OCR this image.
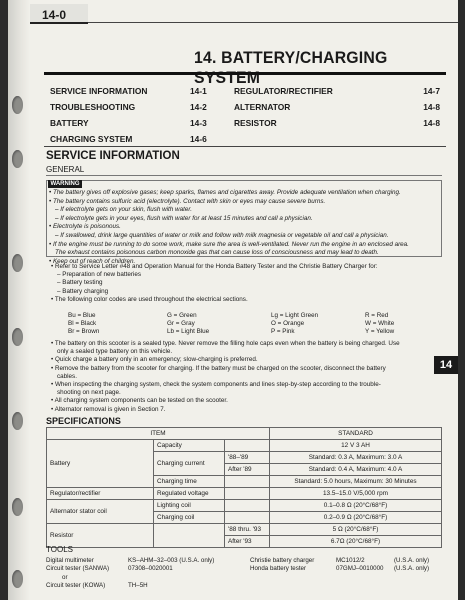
14-0
14. BATTERY/CHARGING SYSTEM
SERVICE INFORMATION	14-1	REGULATOR/RECTIFIER	14-7
TROUBLESHOOTING	14-2	ALTERNATOR	14-8
BATTERY	14-3	RESISTOR	14-8
CHARGING SYSTEM	14-6		
SERVICE INFORMATION
GENERAL
WARNING
• The battery gives off explosive gases; keep sparks, flames and cigarettes away. Provide adequate ventilation when charging.
• The battery contains sulfuric acid (electrolyte). Contact with skin or eyes may cause severe burns.
– If electrolyte gets on your skin, flush with water.
– If electrolyte gets in your eyes, flush with water for at least 15 minutes and call a physician.
• Electrolyte is poisonous.
– If swallowed, drink large quantities of water or milk and follow with milk magnesia or vegetable oil and call a physician.
• If the engine must be running to do some work, make sure the area is well-ventilated. Never run the engine in an enclosed area.
The exhaust contains poisonous carbon monoxide gas that can cause loss of consciousness and may lead to death.
• Keep out of reach of children.
• Refer to Service Letter #48 and Operation Manual for the Honda Battery Tester and the Christie Battery Charger for:
– Preparation of new batteries
– Battery testing
– Battery charging
• The following color codes are used throughout the electrical sections.
Bu = Blue	G = Green	Lg = Light Green	R = Red
Bl = Black	Gr = Gray	O = Orange	W = White
Br = Brown	Lb = Light Blue	P = Pink	Y = Yellow
• The battery on this scooter is a sealed type. Never remove the filling hole caps even when the battery is being charged. Use
only a sealed type battery on this vehicle.
• Quick charge a battery only in an emergency; slow-charging is preferred.
• Remove the battery from the scooter for charging. If the battery must be charged on the scooter, disconnect the battery
cables.
• When inspecting the charging system, check the system components and lines step-by-step according to the trouble-
shooting on next page.
• All charging system components can be tested on the scooter.
• Alternator removal is given in Section 7.
14
SPECIFICATIONS
ITEM			STANDARD
Battery	Capacity		12 V 3 AH
	Charging current	'88–'89	Standard: 0.3 A, Maximum: 3.0 A
		After '89	Standard: 0.4 A, Maximum: 4.0 A
	Charging time		Standard: 5.0 hours, Maximum: 30 Minutes
Regulator/rectifier	Regulated voltage		13.5–15.0 V/5,000 rpm
Alternator stator coil	Lighting coil		0.1–0.8 Ω (20°C/68°F)
	Charging coil		0.2–0.9 Ω (20°C/68°F)
Resistor		'88 thru. '93	5 Ω (20°C/68°F)
		After '93	6.7Ω (20°C/68°F)
TOOLS
Digital multimeter	KS–AHM–32–003 (U.S.A. only)	Christie battery charger	MC1012/2	(U.S.A. only)
Circuit tester (SANWA)	07308–0020001	Honda battery tester	07GMJ–0010000 (U.S.A. only)
or
Circuit tester (KOWA)	TH–5H
